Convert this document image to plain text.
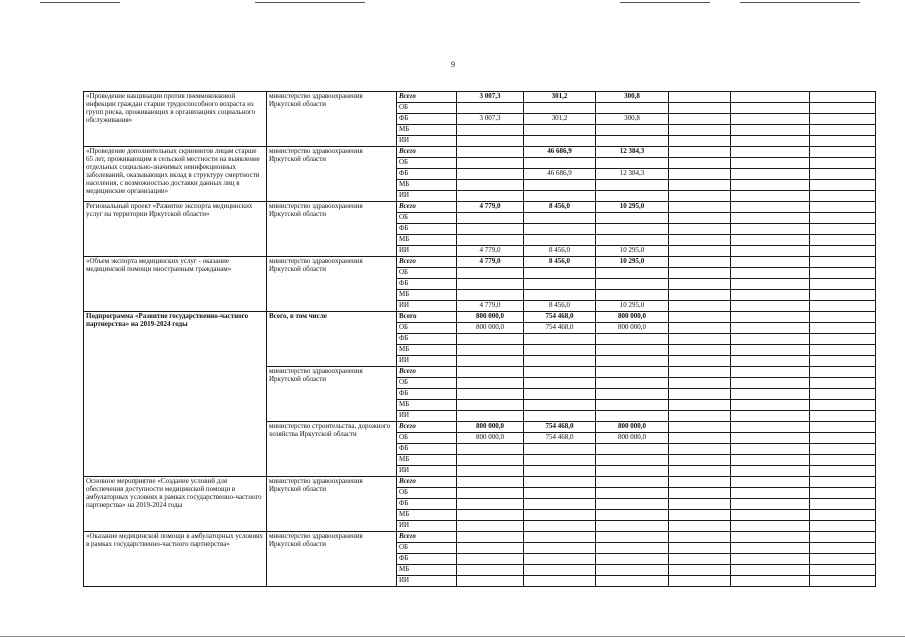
9
«Проведение вакцинации против пневмококковой инфекции граждан старше трудоспособного возраста из групп риска, проживающих в организациях социального обслуживания»	министерство здравоохранения Иркутской области	Всего	3 007,3	301,2	300,8			
		ОБ						
		ФБ	3 007,3	301,2	300,8			
		МБ						
		ИИ						
«Проведение дополнительных скринингов лицам старше 65 лет, проживающим в сельской местности на выявление отдельных социально-значимых неинфекционных заболеваний, оказывающих вклад в структуру смертности населения, с возможностью доставки данных лиц в медицинские организации»	министерство здравоохранения Иркутской области	Всего		46 686,9	12 384,3			
		ОБ						
		ФБ		46 686,9	12 384,3			
		МБ						
		ИИ						
Региональный проект «Развитие экспорта медицинских услуг на территории Иркутской области»	министерство здравоохранения Иркутской области	Всего	4 779,0	8 456,0	10 295,0			
		ОБ						
		ФБ						
		МБ						
		ИИ	4 779,0	8 456,0	10 295,0			
«Объем экспорта медицинских услуг - оказание медицинской помощи иностранным гражданам»	министерство здравоохранения Иркутской области	Всего	4 779,0	8 456,0	10 295,0			
		ОБ						
		ФБ						
		МБ						
		ИИ	4 779,0	8 456,0	10 295,0			
Подпрограмма «Развитие государственно-частного партнерства» на 2019-2024 годы	Всего, в том числе	Всего	800 000,0	754 468,0	800 000,0			
		ОБ	800 000,0	754 468,0	800 000,0			
		ФБ						
		МБ						
		ИИ						
	министерство здравоохранения Иркутской области	Всего						
		ОБ						
		ФБ						
		МБ						
		ИИ						
	министерство строительства, дорожного хозяйства Иркутской области	Всего	800 000,0	754 468,0	800 000,0			
		ОБ	800 000,0	754 468,0	800 000,0			
		ФБ						
		МБ						
		ИИ						
Основное мероприятие «Создание условий для обеспечения доступности медицинской помощи в амбулаторных условиях в рамках государственно-частного партнерства» на 2019-2024 годы	министерство здравоохранения Иркутской области	Всего						
		ОБ						
		ФБ						
		МБ						
		ИИ						
«Оказание медицинской помощи в амбулаторных условиях в рамках государственно-частного партнерства»	министерство здравоохранения Иркутской области	Всего						
		ОБ						
		ФБ						
		МБ						
		ИИ						
